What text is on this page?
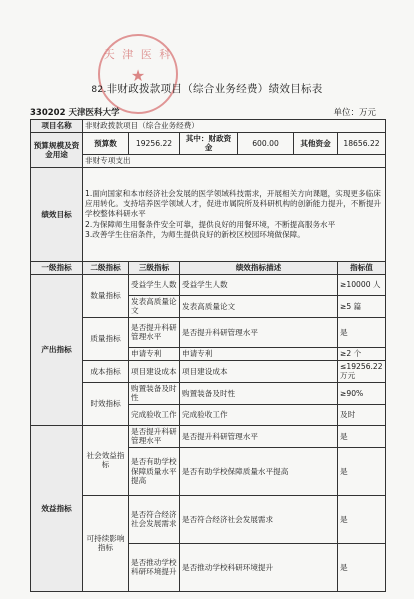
天 津 医 科
★
82.非财政拨款项目（综合业务经费）绩效目标表
330202 天津医科大学	单位：万元
项目名称	非财政拨款项目（综合业务经费）					
预算规模及资金用途	预算数	19256.22	其中：财政资金	600.00	其他资金	18656.22
	非财专项支出					
绩效目标	1.面向国家和本市经济社会发展的医学领域科技需求，开展相关方向课题，实现更多临床应用转化。支持培养医学领域人才，促进市属院所及科研机构的创新能力提升，不断提升学校整体科研水平
2.为保障师生用餐条件安全可靠，提供良好的用餐环境，不断提高服务水平
3.改善学生住宿条件，为师生提供良好的新校区校园环境做保障。					

一级指标	二级指标	三级指标	绩效指标描述			指标值
产出指标	数量指标	受益学生人数	受益学生人数			≥10000 人
		发表高质量论文	发表高质量论文			≥5 篇
	质量指标	是否提升科研管理水平	是否提升科研管理水平			是
		申请专利	申请专利			≥2 个
	成本指标	项目建设成本	项目建设成本			≤19256.22 万元
	时效指标	购置装备及时性	购置装备及时性			≥90%
		完成验收工作	完成验收工作			及时
效益指标	社会效益指标	是否提升科研管理水平	是否提升科研管理水平			是
		是否有助学校保障质量水平提高	是否有助学校保障质量水平提高			是
	可持续影响指标	是否符合经济社会发展需求	是否符合经济社会发展需求			是
		是否推动学校科研环境提升	是否推动学校科研环境提升			是
